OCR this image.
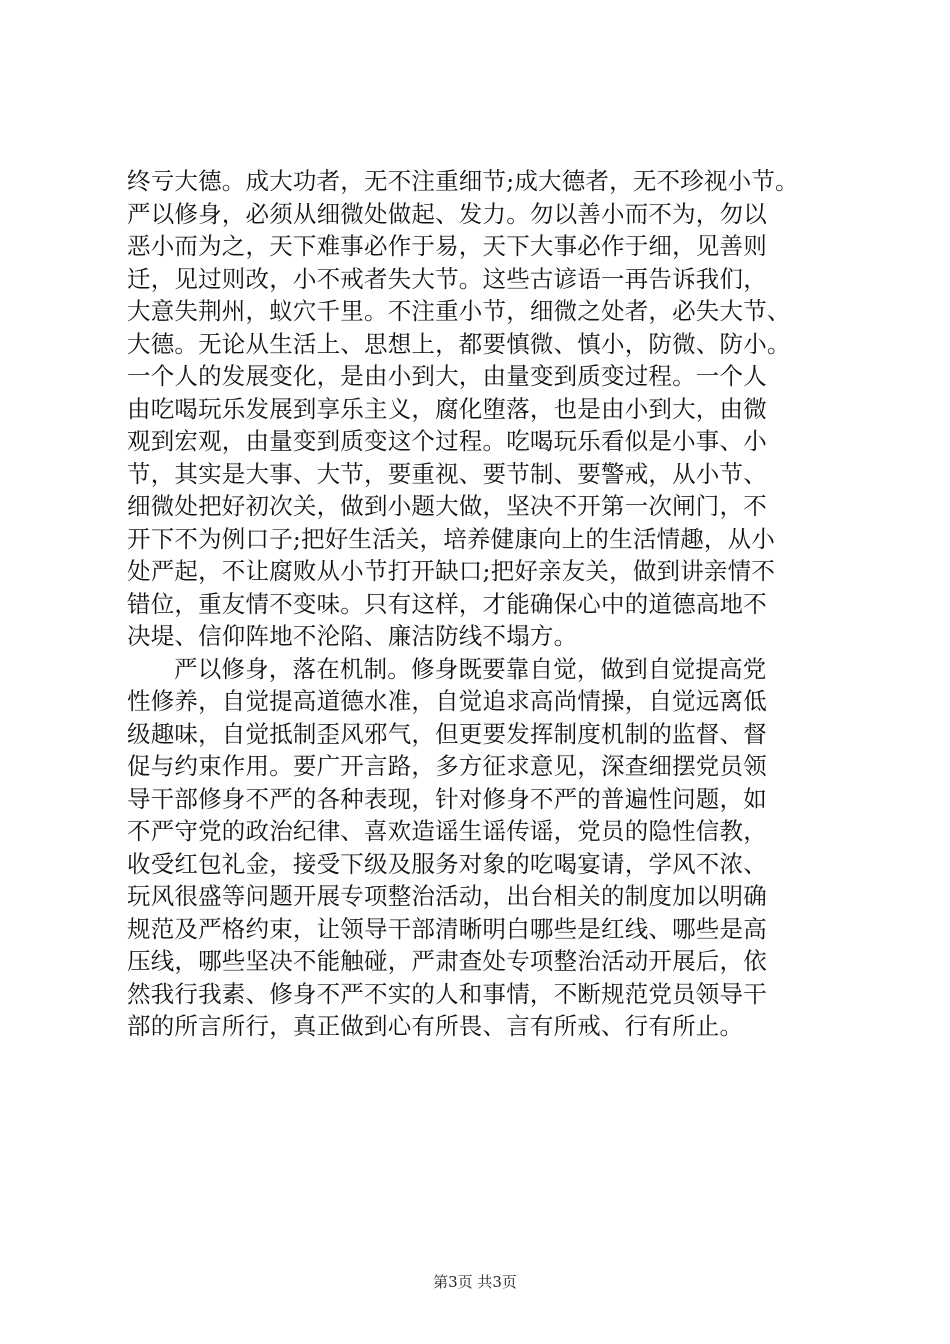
终亏大德。成大功者，无不注重细节;成大德者，无不珍视小节。
严以修身，必须从细微处做起、发力。勿以善小而不为，勿以
恶小而为之，天下难事必作于易，天下大事必作于细，见善则
迁，见过则改，小不戒者失大节。这些古谚语一再告诉我们，
大意失荆州，蚁穴千里。不注重小节，细微之处者，必失大节、
大德。无论从生活上、思想上，都要慎微、慎小，防微、防小。
一个人的发展变化，是由小到大，由量变到质变过程。一个人
由吃喝玩乐发展到享乐主义，腐化堕落，也是由小到大，由微
观到宏观，由量变到质变这个过程。吃喝玩乐看似是小事、小
节，其实是大事、大节，要重视、要节制、要警戒，从小节、
细微处把好初次关，做到小题大做，坚决不开第一次闸门，不
开下不为例口子;把好生活关，培养健康向上的生活情趣，从小
处严起，不让腐败从小节打开缺口;把好亲友关，做到讲亲情不
错位，重友情不变味。只有这样，才能确保心中的道德高地不
决堤、信仰阵地不沦陷、廉洁防线不塌方。
严以修身，落在机制。修身既要靠自觉，做到自觉提高党
性修养，自觉提高道德水准，自觉追求高尚情操，自觉远离低
级趣味，自觉抵制歪风邪气，但更要发挥制度机制的监督、督
促与约束作用。要广开言路，多方征求意见，深查细摆党员领
导干部修身不严的各种表现，针对修身不严的普遍性问题，如
不严守党的政治纪律、喜欢造谣生谣传谣，党员的隐性信教，
收受红包礼金，接受下级及服务对象的吃喝宴请，学风不浓、
玩风很盛等问题开展专项整治活动，出台相关的制度加以明确
规范及严格约束，让领导干部清晰明白哪些是红线、哪些是高
压线，哪些坚决不能触碰，严肃查处专项整治活动开展后，依
然我行我素、修身不严不实的人和事情，不断规范党员领导干
部的所言所行，真正做到心有所畏、言有所戒、行有所止。
第3页 共3页
